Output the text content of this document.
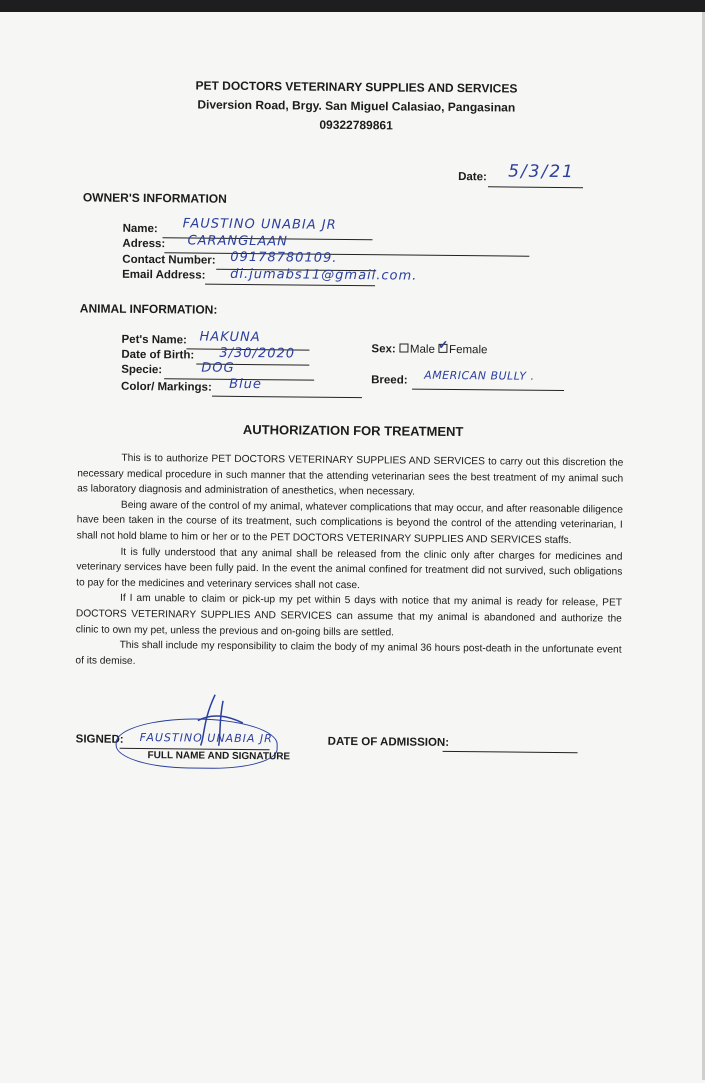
PET DOCTORS VETERINARY SUPPLIES AND SERVICES
Diversion Road, Brgy. San Miguel Calasiao, Pangasinan
09322789861
Date: 5/3/21
OWNER'S INFORMATION
Name: FAUSTINO UNABIA JR
Adress: CARANGLAAN
Contact Number: 09178780109.
Email Address: di.jumabs11@gmail.com.
ANIMAL INFORMATION:
Pet's Name: HAKUNA
Date of Birth: 3/30/2020
Specie:	DOG
Color/ Markings: Blue
Sex: Male ✓ Female
Breed: AMERICAN BULLY .
AUTHORIZATION FOR TREATMENT

This is to authorize PET DOCTORS VETERINARY SUPPLIES AND SERVICES to carry out this discretion the necessary medical procedure in such manner that the attending veterinarian sees the best treatment of my animal such as laboratory diagnosis and administration of anesthetics, when necessary.

Being aware of the control of my animal, whatever complications that may occur, and after reasonable diligence have been taken in the course of its treatment, such complications is beyond the control of the attending veterinarian, I shall not hold blame to him or her or to the PET DOCTORS VETERINARY SUPPLIES AND SERVICES staffs.

It is fully understood that any animal shall be released from the clinic only after charges for medicines and veterinary services have been fully paid. In the event the animal confined for treatment did not survived, such obligations to pay for the medicines and veterinary services shall not case.

If I am unable to claim or pick-up my pet within 5 days with notice that my animal is ready for release, PET DOCTORS VETERINARY SUPPLIES AND SERVICES can assume that my animal is abandoned and authorize the clinic to own my pet, unless the previous and on-going bills are settled.

This shall include my responsibility to claim the body of my animal 36 hours post-death in the unfortunate event of its demise.

SIGNED: FAUSTINO UNABIA JR
FULL NAME AND SIGNATURE
DATE OF ADMISSION:
